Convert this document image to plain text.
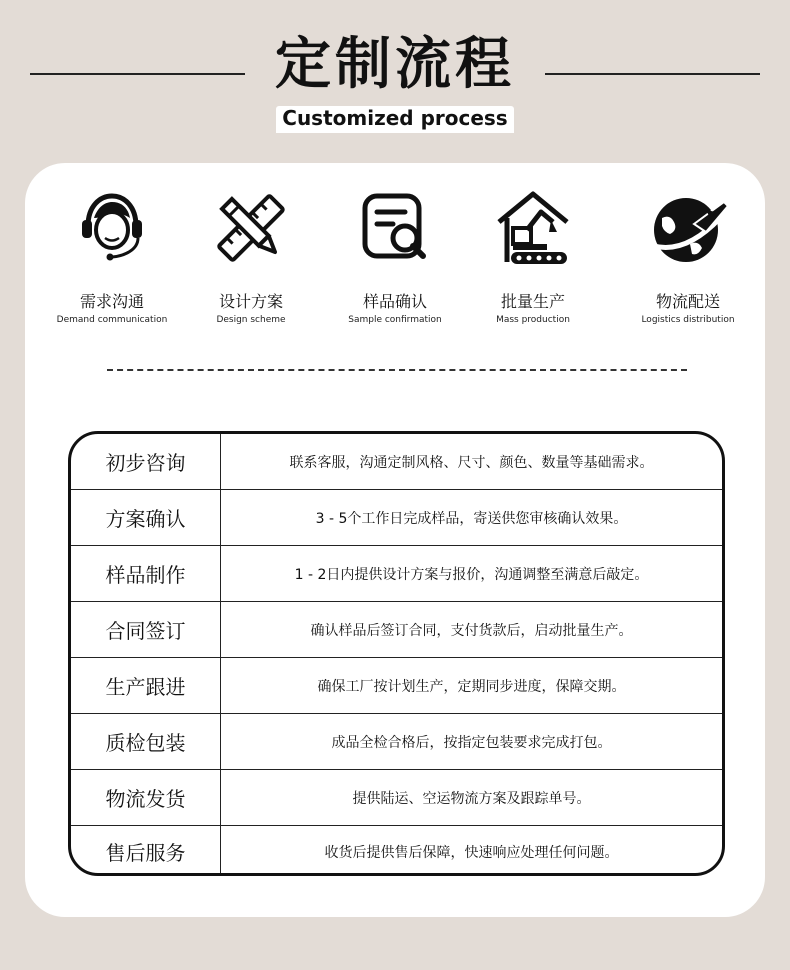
定制流程
Customized process
需求沟通
Demand communication
设计方案
Design scheme
样品确认
Sample confirmation
批量生产
Mass production
物流配送
Logistics distribution
初步咨询	联系客服，沟通定制风格、尺寸、颜色、数量等基础需求。
方案确认	3 - 5个工作日完成样品，寄送供您审核确认效果。
样品制作	1 - 2日内提供设计方案与报价，沟通调整至满意后敲定。
合同签订	确认样品后签订合同，支付货款后，启动批量生产。
生产跟进	确保工厂按计划生产，定期同步进度，保障交期。
质检包装	成品全检合格后，按指定包装要求完成打包。
物流发货	提供陆运、空运物流方案及跟踪单号。
售后服务	收货后提供售后保障，快速响应处理任何问题。
